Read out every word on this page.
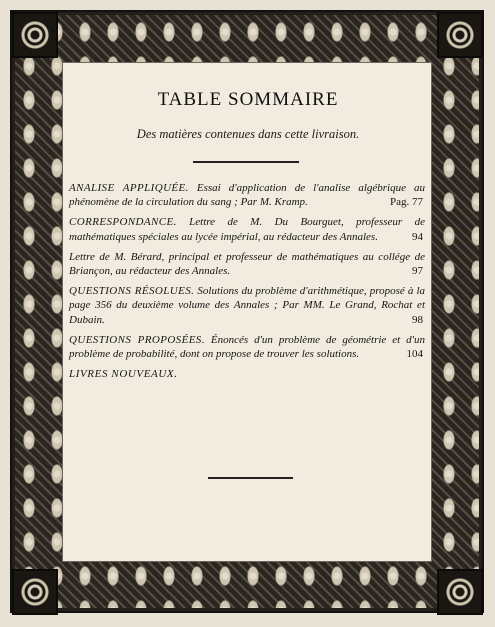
TABLE SOMMAIRE
Des matières contenues dans cette livraison.
ANALISE APPLIQUÉE. Essai d'application de l'analise algébrique au phénomène de la circulation du sang ; Par M. Kramp.	Pag. 77
CORRESPONDANCE. Lettre de M. Du Bourguet, professeur de mathématiques spéciales au lycée impérial, au rédacteur des Annales.	94
Lettre de M. Bérard, principal et professeur de mathématiques au collége de Briançon, au rédacteur des Annales.	97
QUESTIONS RÉSOLUES. Solutions du problème d'arithmétique, proposé à la page 356 du deuxième volume des Annales ; Par MM. Le Grand, Rochat et Dubain.	98
QUESTIONS PROPOSÉES. Énoncés d'un problème de géométrie et d'un problème de probabilité, dont on propose de trouver les solutions.	104
LIVRES NOUVEAUX.
